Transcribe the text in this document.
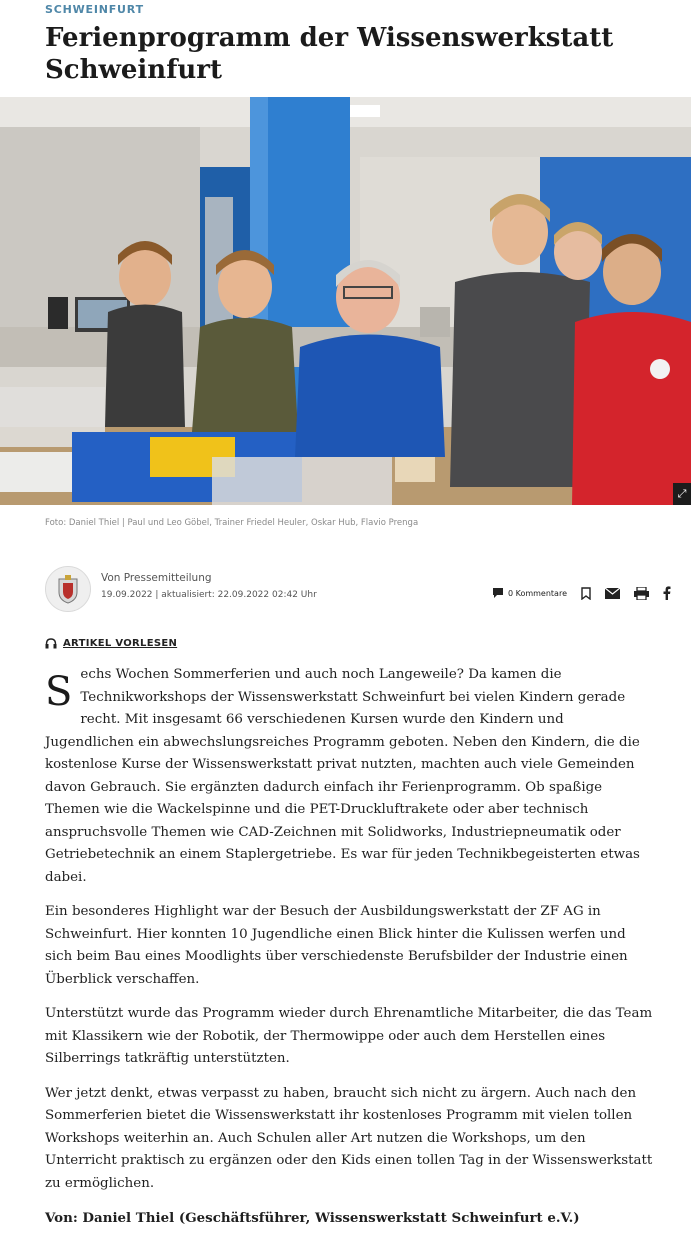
SCHWEINFURT
Ferienprogramm der Wissenswerkstatt Schweinfurt
⤢
Foto: Daniel Thiel | Paul und Leo Göbel, Trainer Friedel Heuler, Oskar Hub, Flavio Prenga
Von Pressemitteilung
19.09.2022 | aktualisiert: 22.09.2022 02:42 Uhr	0 Kommentare
ARTIKEL VORLESEN

Sechs Wochen Sommerferien und auch noch Langeweile? Da kamen die Technikworkshops der Wissenswerkstatt Schweinfurt bei vielen Kindern gerade recht. Mit insgesamt 66 verschiedenen Kursen wurde den Kindern und Jugendlichen ein abwechslungsreiches Programm geboten. Neben den Kindern, die die kostenlose Kurse der Wissenswerkstatt privat nutzten, machten auch viele Gemeinden davon Gebrauch. Sie ergänzten dadurch einfach ihr Ferienprogramm. Ob spaßige Themen wie die Wackelspinne und die PET-Druckluftrakete oder aber technisch anspruchsvolle Themen wie CAD-Zeichnen mit Solidworks, Industriepneumatik oder Getriebetechnik an einem Staplergetriebe. Es war für jeden Technikbegeisterten etwas dabei.

Ein besonderes Highlight war der Besuch der Ausbildungswerkstatt der ZF AG in Schweinfurt. Hier konnten 10 Jugendliche einen Blick hinter die Kulissen werfen und sich beim Bau eines Moodlights über verschiedenste Berufsbilder der Industrie einen Überblick verschaffen.

Unterstützt wurde das Programm wieder durch Ehrenamtliche Mitarbeiter, die das Team mit Klassikern wie der Robotik, der Thermowippe oder auch dem Herstellen eines Silberrings tatkräftig unterstützten.

Wer jetzt denkt, etwas verpasst zu haben, braucht sich nicht zu ärgern. Auch nach den Sommerferien bietet die Wissenswerkstatt ihr kostenloses Programm mit vielen tollen Workshops weiterhin an. Auch Schulen aller Art nutzen die Workshops, um den Unterricht praktisch zu ergänzen oder den Kids einen tollen Tag in der Wissenswerkstatt zu ermöglichen.

Von: Daniel Thiel (Geschäftsführer, Wissenswerkstatt Schweinfurt e.V.)
